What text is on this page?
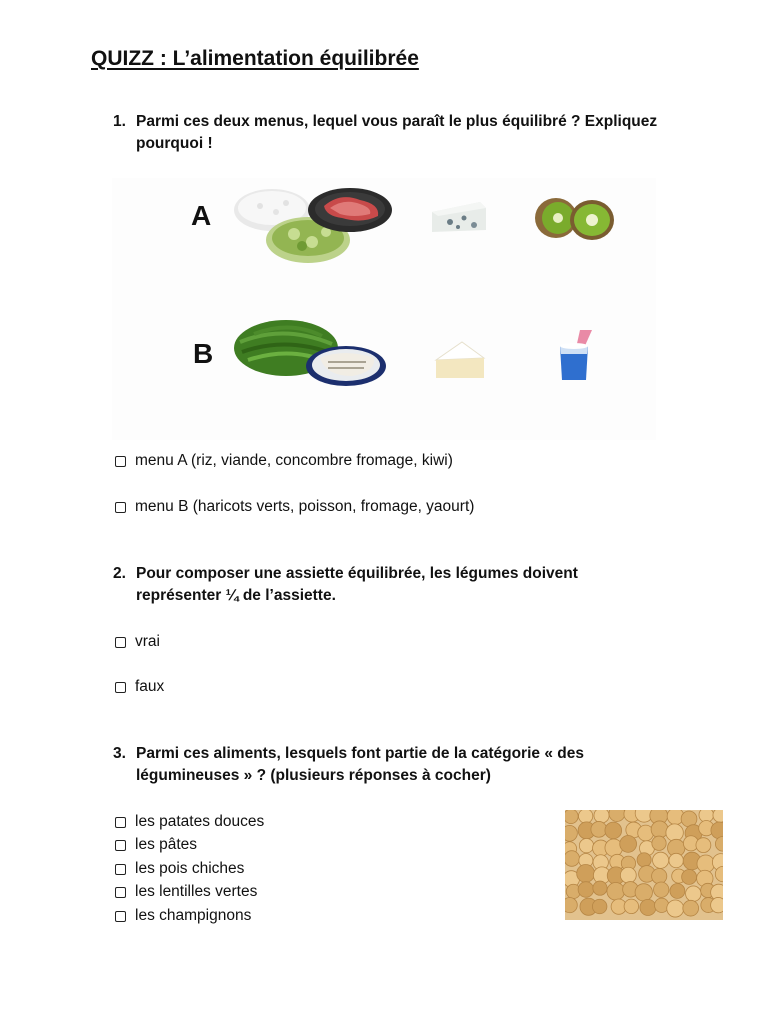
QUIZZ : L’alimentation équilibrée
1. Parmi ces deux menus, lequel vous paraît le plus équilibré ? Expliquez
pourquoi !
A
B
menu A (riz, viande, concombre fromage, kiwi)
menu B (haricots verts, poisson, fromage, yaourt)
2. Pour composer une assiette équilibrée, les légumes doivent
représenter ¼ de l’assiette.
vrai
faux
3. Parmi ces aliments, lesquels font partie de la catégorie « des
légumineuses » ? (plusieurs réponses à cocher)
les patates douces
les pâtes
les pois chiches
les lentilles vertes
les champignons
